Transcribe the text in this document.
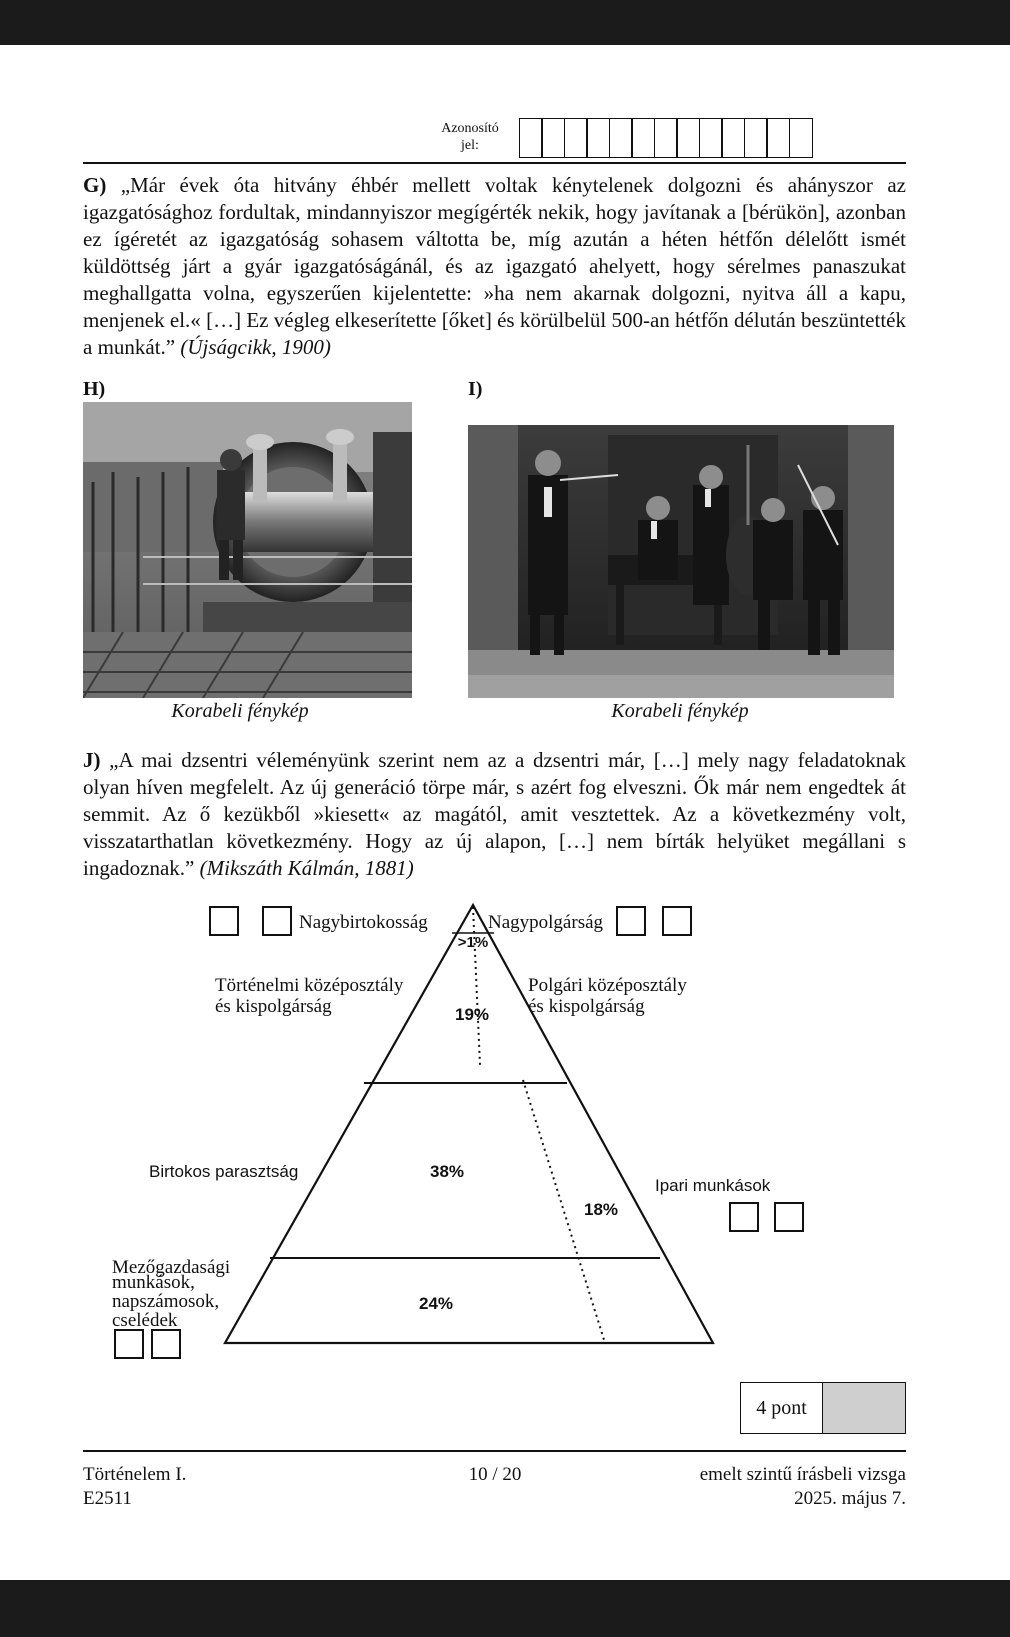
Azonosító
jel:

G) „Már évek óta hitvány éhbér mellett voltak kénytelenek dolgozni és ahányszor az igazgatósághoz fordultak, mindannyiszor megígérték nekik, hogy javítanak a [bérükön], azonban ez ígéretét az igazgatóság sohasem váltotta be, míg azután a héten hétfőn délelőtt ismét küldöttség járt a gyár igazgatóságánál, és az igazgató ahelyett, hogy sérelmes panaszukat meghallgatta volna, egyszerűen kijelentette: »ha nem akarnak dolgozni, nyitva áll a kapu, menjenek el.« […] Ez végleg elkeserítette [őket] és körülbelül 500-an hétfőn délután beszüntették a munkát.” (Újságcikk, 1900)

H)	I)
Korabeli fénykép	Korabeli fénykép

J) „A mai dzsentri véleményünk szerint nem az a dzsentri már, […] mely nagy feladatoknak olyan híven megfelelt. Az új generáció törpe már, s azért fog elveszni. Ők már nem engedtek át semmit. Az ő kezükből »kiesett« az magától, amit vesztettek. Az a következmény volt, visszatarthatlan következmény. Hogy az új alapon, […] nem bírták helyüket megállani s ingadoznak.” (Mikszáth Kálmán, 1881)

Nagybirtokosság	Nagypolgárság
>1%
Történelmi középosztály
és kispolgárság
Polgári középosztály
és kispolgárság
19%
Birtokos parasztság	38%
Ipari munkások
18%
Mezőgazdasági
munkások,
napszámosok,
cselédek
24%
4 pont
Történelem I.
E2511
10 / 20	emelt szintű írásbeli vizsga
2025. május 7.
